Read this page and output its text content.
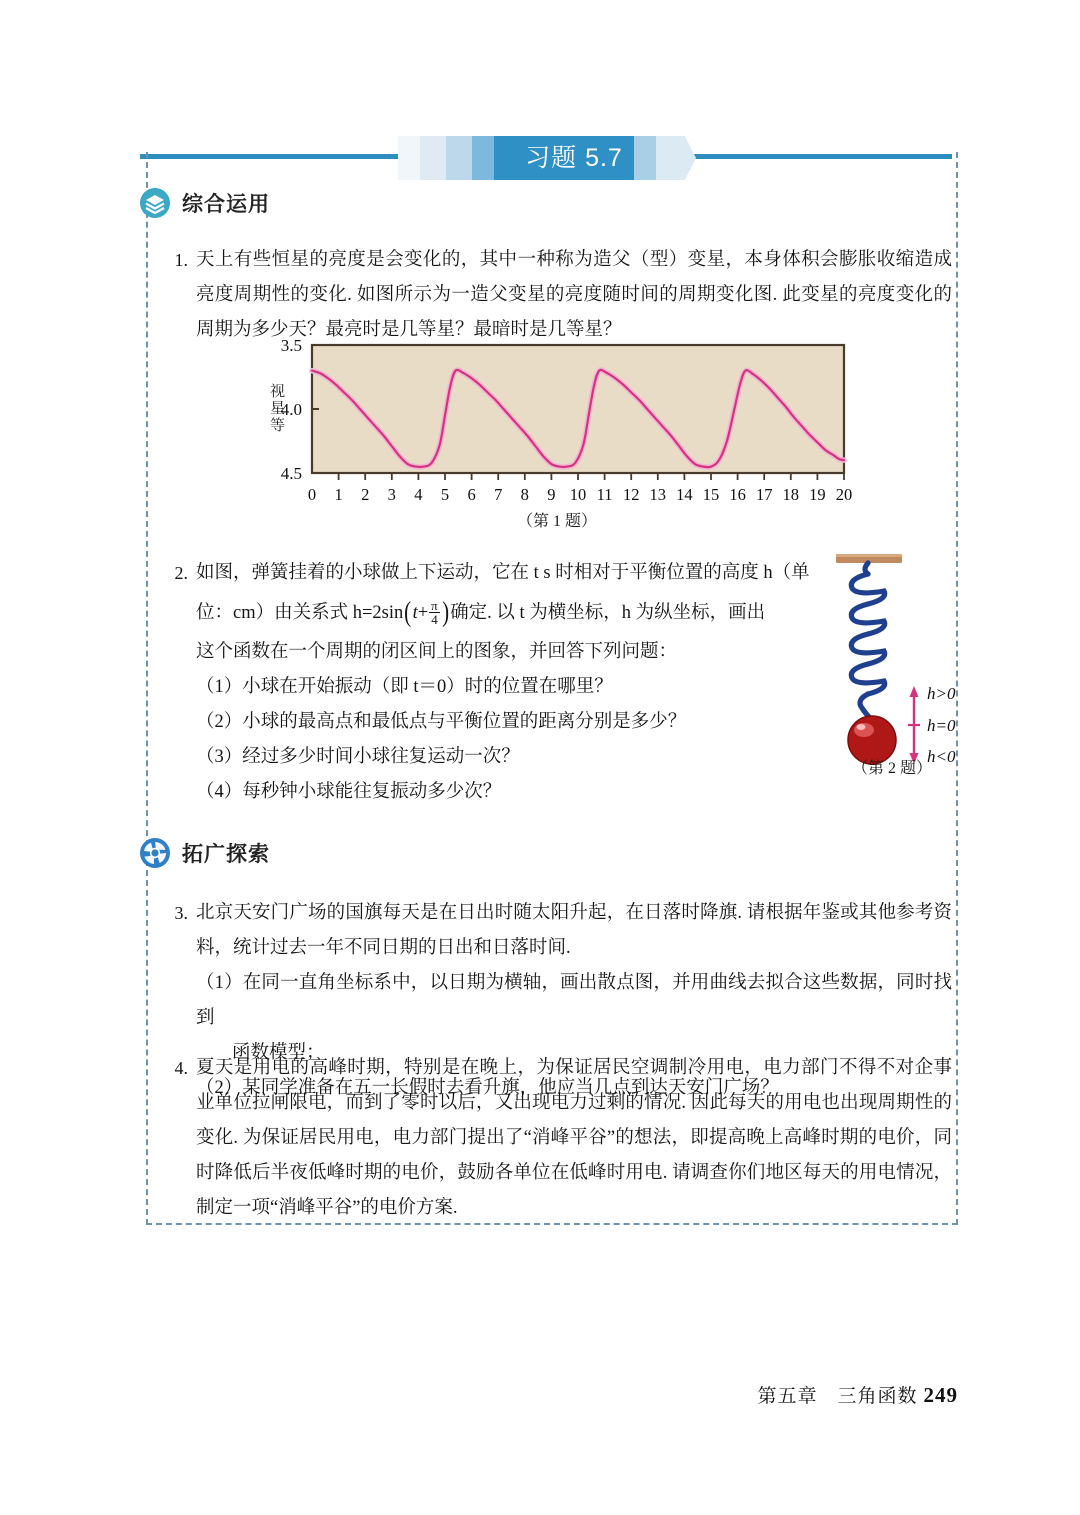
习题 5.7
综合运用
1. 天上有些恒星的亮度是会变化的，其中一种称为造父（型）变星，本身体积会膨胀收缩造成亮度周期性的变化. 如图所示为一造父变星的亮度随时间的周期变化图. 此变星的亮度变化的周期为多少天？最亮时是几等星？最暗时是几等星？
视星等
3.5
4.0
4.5
0 1 2 3 4 5 6 7 8 9 10 11 12 13 14 15 16 17 18 19 20
（第 1 题）
2. 如图，弹簧挂着的小球做上下运动，它在 t s 时相对于平衡位置的高度 h（单
位：cm）由关系式 $h=2\sin(t+ \frac{\pi}{4}$ )确定. 以 t 为横坐标，h 为纵坐标，画出
这个函数在一个周期的闭区间上的图象，并回答下列问题：
（1）小球在开始振动（即 t＝0）时的位置在哪里？
（2）小球的最高点和最低点与平衡位置的距离分别是多少？
（3）经过多少时间小球往复运动一次？
（4）每秒钟小球能往复振动多少次？
h>0
h=0
h<0
（第 2 题）
拓广探索
3. 北京天安门广场的国旗每天是在日出时随太阳升起，在日落时降旗. 请根据年鉴或其他参考资料，统计过去一年不同日期的日出和日落时间.
（1）在同一直角坐标系中，以日期为横轴，画出散点图，并用曲线去拟合这些数据，同时找到
函数模型；
（2）某同学准备在五一长假时去看升旗，他应当几点到达天安门广场？
4. 夏天是用电的高峰时期，特别是在晚上，为保证居民空调制冷用电，电力部门不得不对企事业单位拉闸限电，而到了零时以后，又出现电力过剩的情况. 因此每天的用电也出现周期性的变化. 为保证居民用电，电力部门提出了“消峰平谷”的想法，即提高晚上高峰时期的电价，同时降低后半夜低峰时期的电价，鼓励各单位在低峰时用电. 请调查你们地区每天的用电情况，制定一项“消峰平谷”的电价方案.
第五章　三角函数 249
